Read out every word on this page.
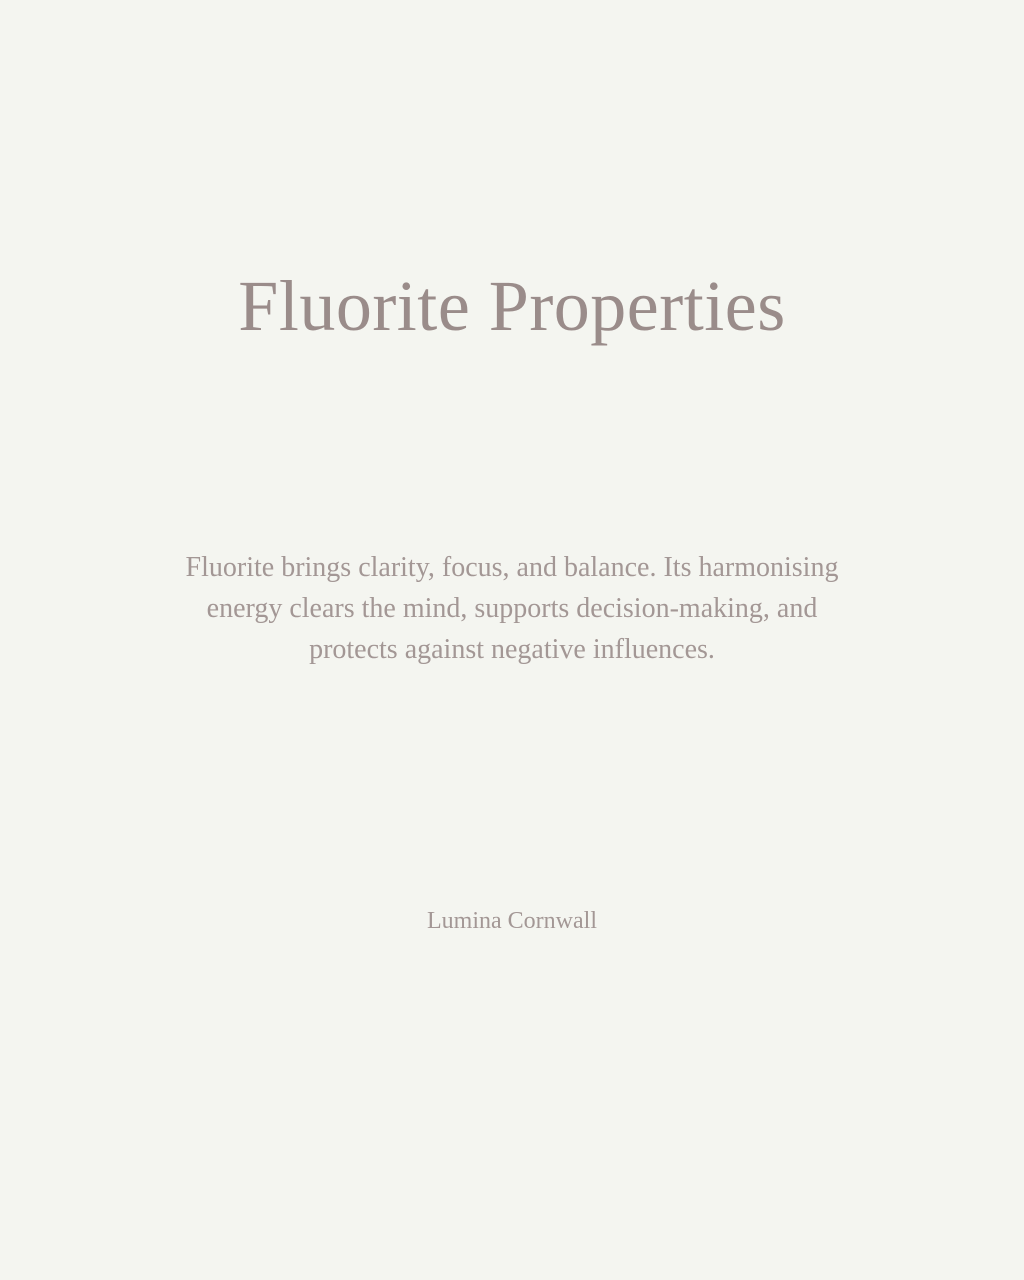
Fluorite Properties

Fluorite brings clarity, focus, and balance. Its harmonising energy clears the mind, supports decision-making, and protects against negative influences.

Lumina Cornwall
